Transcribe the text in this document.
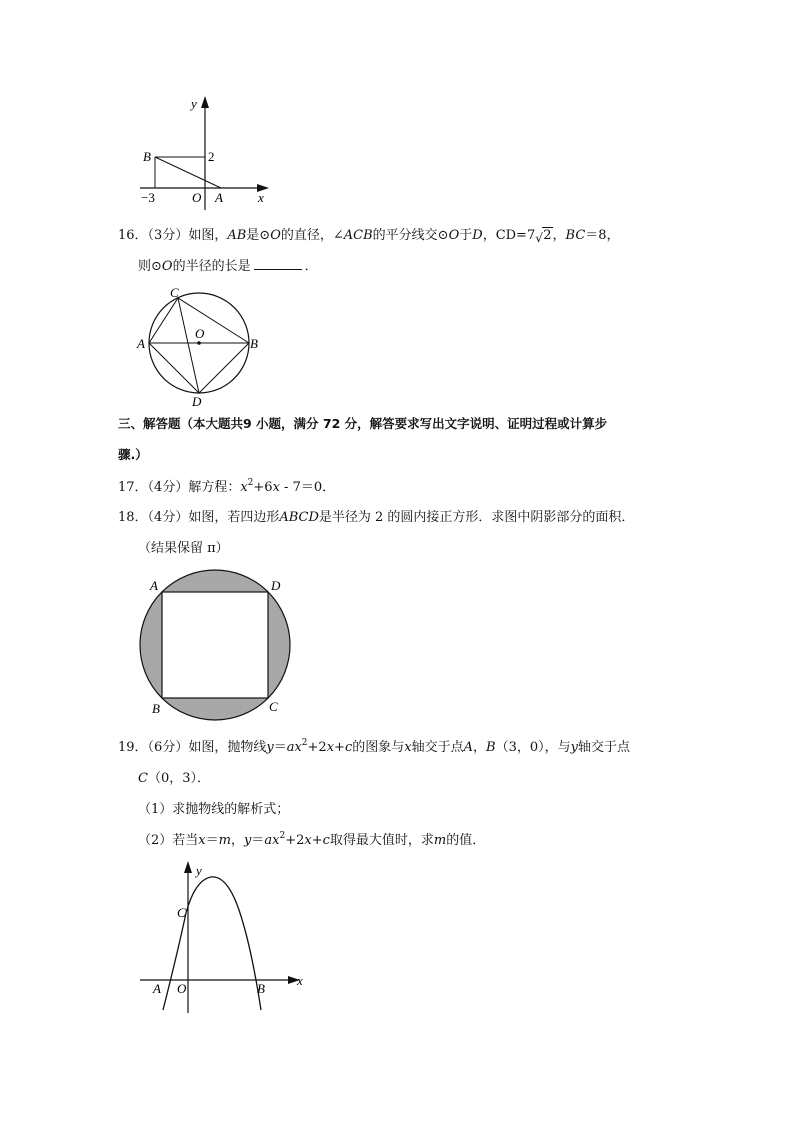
y
x
B	2
−3	O A
16．（3分）如图，AB是⊙O的直径，∠ACB的平分线交⊙O于D，CD=7 √ 2，BC＝8，
则⊙O的半径的长是	．
C
O
A	B
D
三、解答题（本大题共9 小题，满分 72 分，解答要求写出文字说明、证明过程或计算步
骤.）
17．（4分）解方程：$x^2+6x - 7=0$．
18．（4分）如图，若四边形ABCD是半径为 2 的圆内接正方形．求图中阴影部分的面积．
（结果保留 π）
A	D
B	C
19．（6分）如图，抛物线$y=ax^2+2x+c$的图象与x轴交于点A，B（3，0），与y轴交于点
C（0，3）．
（1）求抛物线的解析式；
（2）若当x＝m，$y=ax^2+2x+c$取得最大值时，求m的值．
y
C
x
A O	B
